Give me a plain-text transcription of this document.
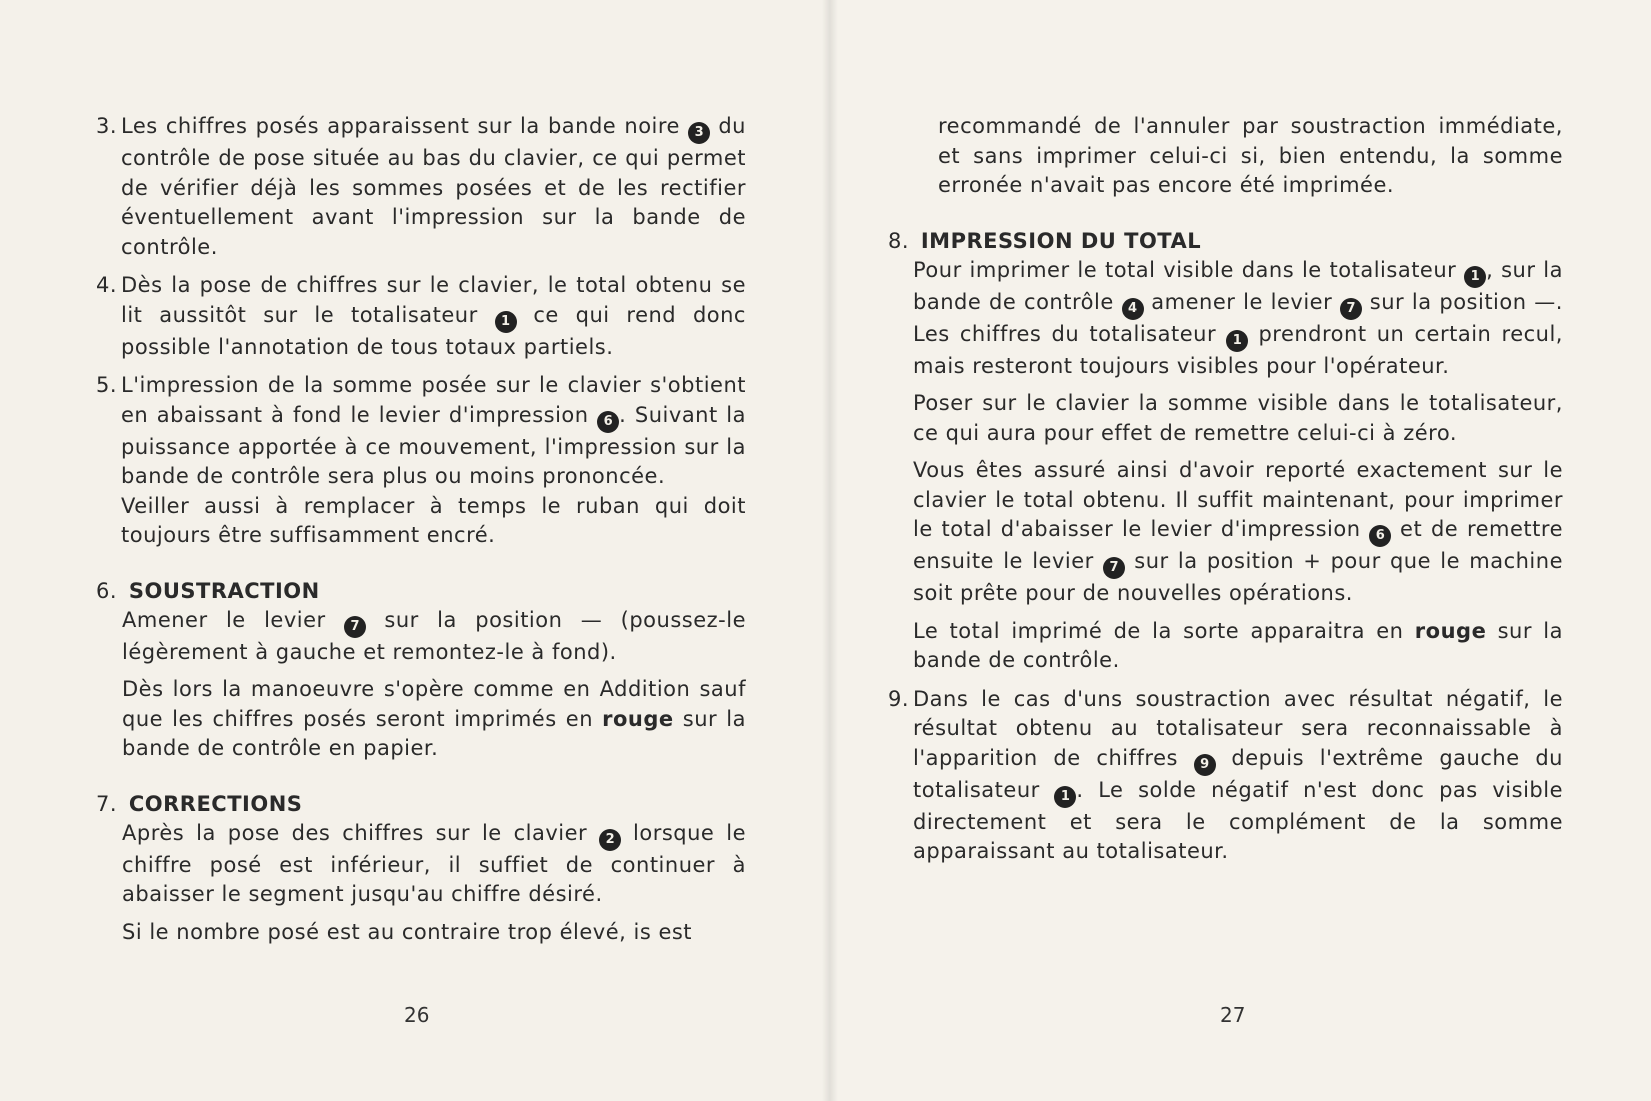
3. Les chiffres posés apparaissent sur la bande noire 3 du contrôle de pose située au bas du clavier, ce qui permet de vérifier déjà les sommes posées et de les rectifier éventuellement avant l'impression sur la bande de contrôle.
4. Dès la pose de chiffres sur le clavier, le total obtenu se lit aussitôt sur le totalisateur 1 ce qui rend donc possible l'annotation de tous totaux partiels.
5. L'impression de la somme posée sur le clavier s'obtient en abaissant à fond le levier d'impression 6 . Suivant la puissance apportée à ce mouvement, l'impression sur la bande de contrôle sera plus ou moins prononcée.
Veiller aussi à remplacer à temps le ruban qui doit toujours être suffisamment encré.
6. SOUSTRACTION

Amener le levier 7 sur la position — (poussez-le légèrement à gauche et remontez-le à fond).

Dès lors la manoeuvre s'opère comme en Addition sauf que les chiffres posés seront imprimés en rouge sur la bande de contrôle en papier.

7. CORRECTIONS

Après la pose des chiffres sur le clavier 2 lorsque le chiffre posé est inférieur, il suffiet de continuer à abaisser le segment jusqu'au chiffre désiré.

Si le nombre posé est au contraire trop élevé, is est

26
recommandé de l'annuler par soustraction immédiate, et sans imprimer celui-ci si, bien entendu, la somme erronée n'avait pas encore été imprimée.
8. IMPRESSION DU TOTAL

Pour imprimer le total visible dans le totalisateur 1 , sur la bande de contrôle 4 amener le levier 7 sur la position —. Les chiffres du totalisateur 1 prendront un certain recul, mais resteront toujours visibles pour l'opérateur.

Poser sur le clavier la somme visible dans le totalisateur, ce qui aura pour effet de remettre celui-ci à zéro.

Vous êtes assuré ainsi d'avoir reporté exactement sur le clavier le total obtenu. Il suffit maintenant, pour imprimer le total d'abaisser le levier d'impression 6 et de remettre ensuite le levier 7 sur la position + pour que le machine soit prête pour de nouvelles opérations.

Le total imprimé de la sorte apparaitra en rouge sur la bande de contrôle.

9. Dans le cas d'uns soustraction avec résultat négatif, le résultat obtenu au totalisateur sera reconnaissable à l'apparition de chiffres 9 depuis l'extrême gauche du totalisateur 1 . Le solde négatif n'est donc pas visible directement et sera le complément de la somme apparaissant au totalisateur.
27
